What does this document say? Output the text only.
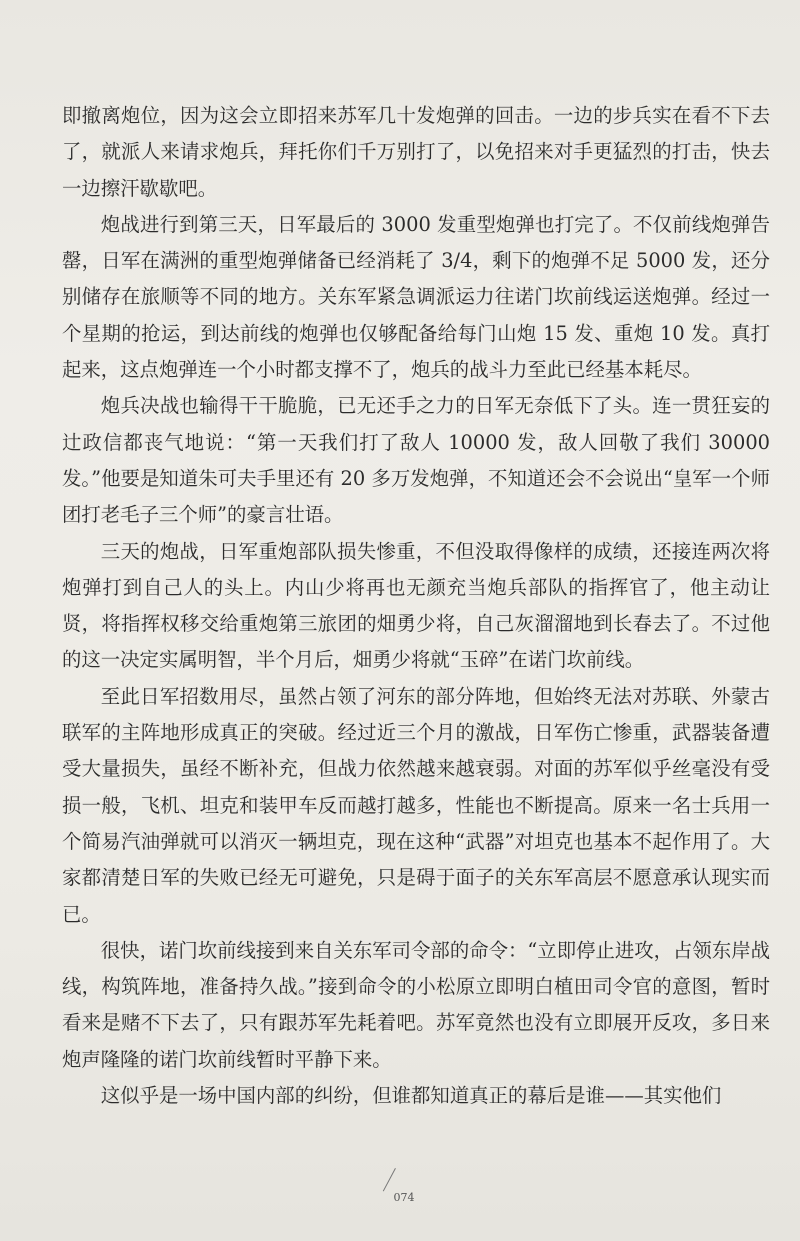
即撤离炮位，因为这会立即招来苏军几十发炮弹的回击。一边的步兵实在看不下去了，就派人来请求炮兵，拜托你们千万别打了，以免招来对手更猛烈的打击，快去一边擦汗歇歇吧。

炮战进行到第三天，日军最后的 3000 发重型炮弹也打完了。不仅前线炮弹告罄，日军在满洲的重型炮弹储备已经消耗了 3/4，剩下的炮弹不足 5000 发，还分别储存在旅顺等不同的地方。关东军紧急调派运力往诺门坎前线运送炮弹。经过一个星期的抢运，到达前线的炮弹也仅够配备给每门山炮 15 发、重炮 10 发。真打起来，这点炮弹连一个小时都支撑不了，炮兵的战斗力至此已经基本耗尽。

炮兵决战也输得干干脆脆，已无还手之力的日军无奈低下了头。连一贯狂妄的辻政信都丧气地说：“第一天我们打了敌人 10000 发，敌人回敬了我们 30000 发。”他要是知道朱可夫手里还有 20 多万发炮弹，不知道还会不会说出“皇军一个师团打老毛子三个师”的豪言壮语。

三天的炮战，日军重炮部队损失惨重，不但没取得像样的成绩，还接连两次将炮弹打到自己人的头上。内山少将再也无颜充当炮兵部队的指挥官了，他主动让贤，将指挥权移交给重炮第三旅团的畑勇少将，自己灰溜溜地到长春去了。不过他的这一决定实属明智，半个月后，畑勇少将就“玉碎”在诺门坎前线。

至此日军招数用尽，虽然占领了河东的部分阵地，但始终无法对苏联、外蒙古联军的主阵地形成真正的突破。经过近三个月的激战，日军伤亡惨重，武器装备遭受大量损失，虽经不断补充，但战力依然越来越衰弱。对面的苏军似乎丝毫没有受损一般，飞机、坦克和装甲车反而越打越多，性能也不断提高。原来一名士兵用一个简易汽油弹就可以消灭一辆坦克，现在这种“武器”对坦克也基本不起作用了。大家都清楚日军的失败已经无可避免，只是碍于面子的关东军高层不愿意承认现实而已。

很快，诺门坎前线接到来自关东军司令部的命令：“立即停止进攻，占领东岸战线，构筑阵地，准备持久战。”接到命令的小松原立即明白植田司令官的意图，暂时看来是赌不下去了，只有跟苏军先耗着吧。苏军竟然也没有立即展开反攻，多日来炮声隆隆的诺门坎前线暂时平静下来。

这似乎是一场中国内部的纠纷，但谁都知道真正的幕后是谁——其实他们

074
